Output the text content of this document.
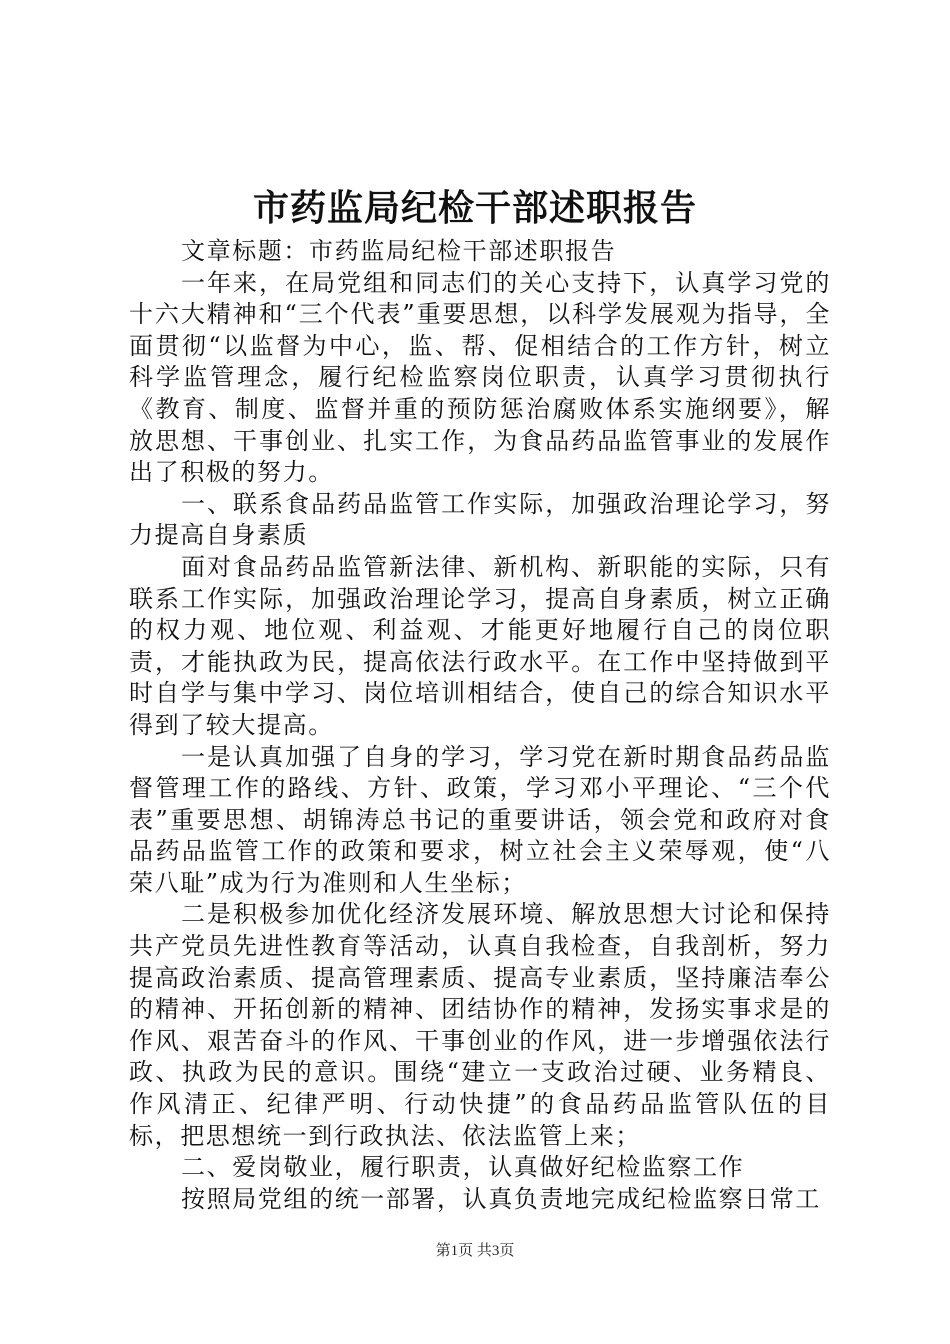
市药监局纪检干部述职报告

文章标题：市药监局纪检干部述职报告

一年来，在局党组和同志们的关心支持下，认真学习党的十六大精神和“三个代表”重要思想，以科学发展观为指导，全面贯彻“以监督为中心，监、帮、促相结合的工作方针，树立科学监管理念，履行纪检监察岗位职责，认真学习贯彻执行《教育、制度、监督并重的预防惩治腐败体系实施纲要》，解放思想、干事创业、扎实工作，为食品药品监管事业的发展作出了积极的努力。

一、联系食品药品监管工作实际，加强政治理论学习，努力提高自身素质

面对食品药品监管新法律、新机构、新职能的实际，只有联系工作实际，加强政治理论学习，提高自身素质，树立正确的权力观、地位观、利益观、才能更好地履行自己的岗位职责，才能执政为民，提高依法行政水平。在工作中坚持做到平时自学与集中学习、岗位培训相结合，使自己的综合知识水平得到了较大提高。

一是认真加强了自身的学习，学习党在新时期食品药品监督管理工作的路线、方针、政策，学习邓小平理论、“三个代表”重要思想、胡锦涛总书记的重要讲话，领会党和政府对食品药品监管工作的政策和要求，树立社会主义荣辱观，使“八荣八耻”成为行为准则和人生坐标；

二是积极参加优化经济发展环境、解放思想大讨论和保持共产党员先进性教育等活动，认真自我检查，自我剖析，努力提高政治素质、提高管理素质、提高专业素质，坚持廉洁奉公的精神、开拓创新的精神、团结协作的精神，发扬实事求是的作风、艰苦奋斗的作风、干事创业的作风，进一步增强依法行政、执政为民的意识。围绕“建立一支政治过硬、业务精良、作风清正、纪律严明、行动快捷”的食品药品监管队伍的目标，把思想统一到行政执法、依法监管上来；

二、爱岗敬业，履行职责，认真做好纪检监察工作

按照局党组的统一部署，认真负责地完成纪检监察日常工

第1页 共3页
